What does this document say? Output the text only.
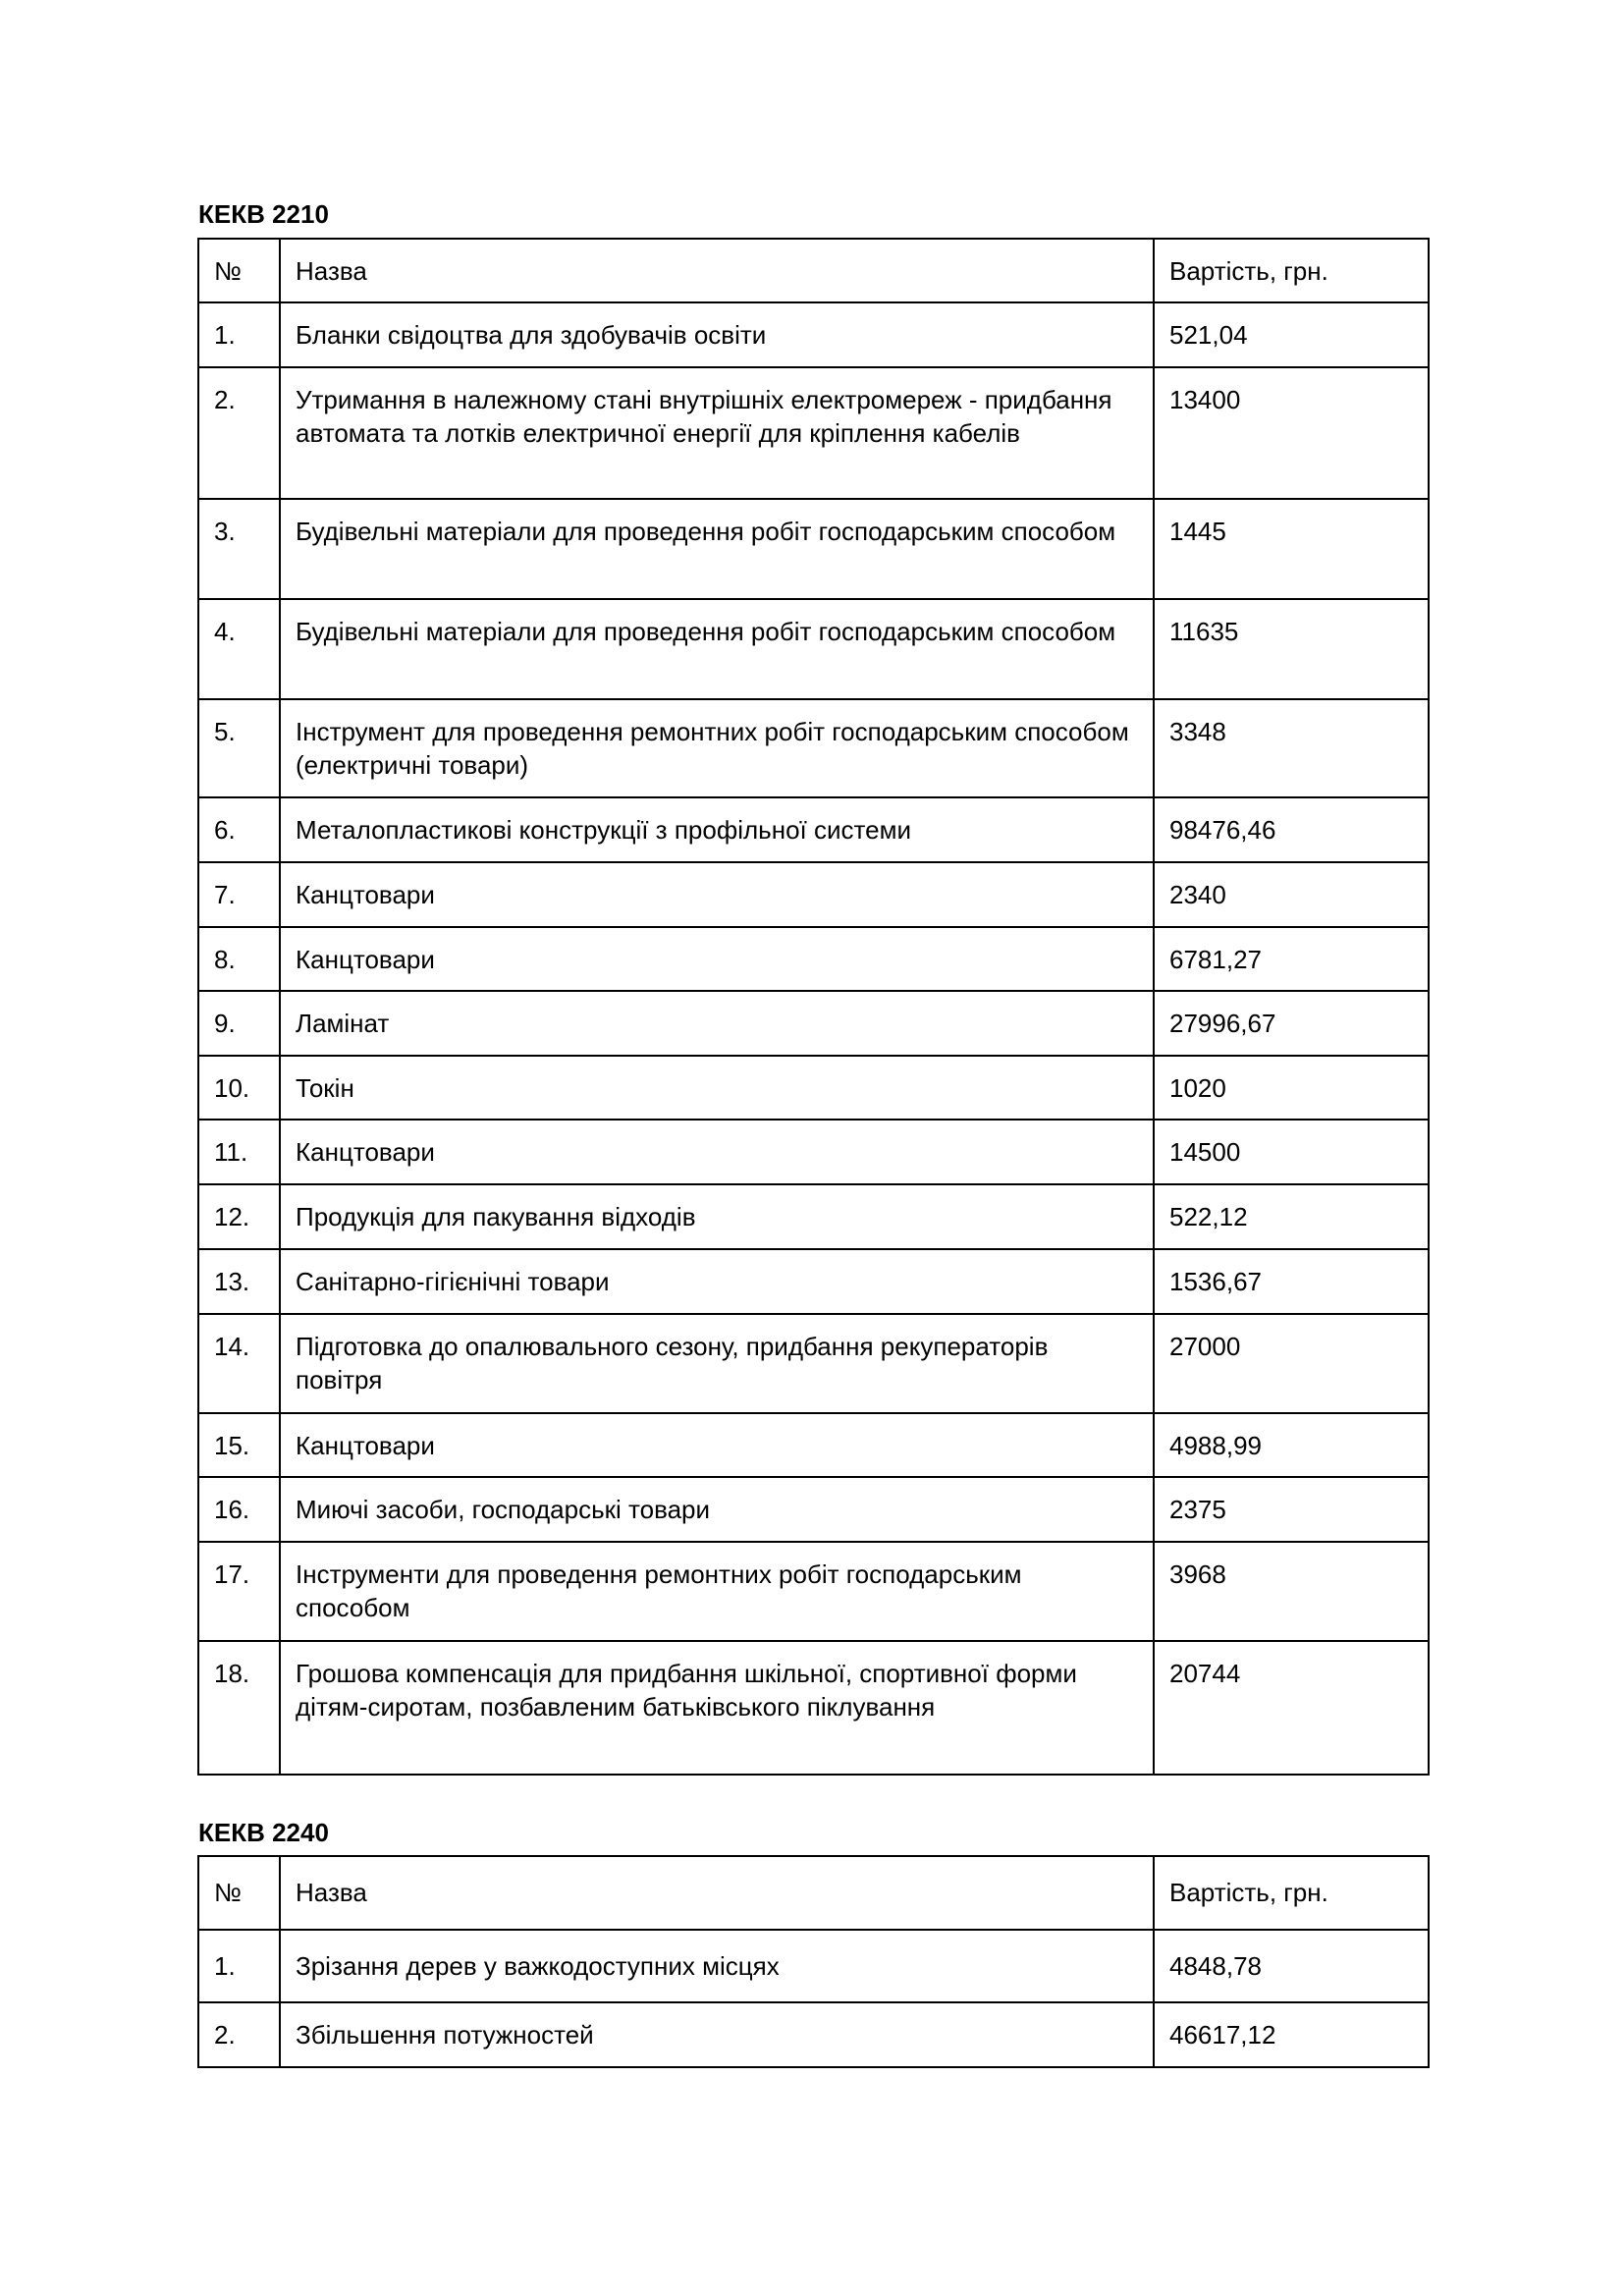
КЕКВ 2210
№	Назва	Вартість, грн.
1.	Бланки свідоцтва для здобувачів освіти	521,04
2.	Утримання в належному стані внутрішніх електромереж - придбання автомата та лотків електричної енергії для кріплення кабелів	13400
3.	Будівельні матеріали для проведення робіт господарським способом	1445
4.	Будівельні матеріали для проведення робіт господарським способом	11635
5.	Інструмент для проведення ремонтних робіт господарським способом (електричні товари)	3348
6.	Металопластикові конструкції з профільної системи	98476,46
7.	Канцтовари	2340
8.	Канцтовари	6781,27
9.	Ламінат	27996,67
10.	Токін	1020
11.	Канцтовари	14500
12.	Продукція для пакування відходів	522,12
13.	Санітарно-гігієнічні товари	1536,67
14.	Підготовка до опалювального сезону, придбання рекуператорів повітря	27000
15.	Канцтовари	4988,99
16.	Миючі засоби, господарські товари	2375
17.	Інструменти для проведення ремонтних робіт господарським способом	3968
18.	Грошова компенсація для придбання шкільної, спортивної форми дітям-сиротам, позбавленим батьківського піклування	20744
КЕКВ 2240
№	Назва	Вартість, грн.
1.	Зрізання дерев у важкодоступних місцях	4848,78
2.	Збільшення потужностей	46617,12
